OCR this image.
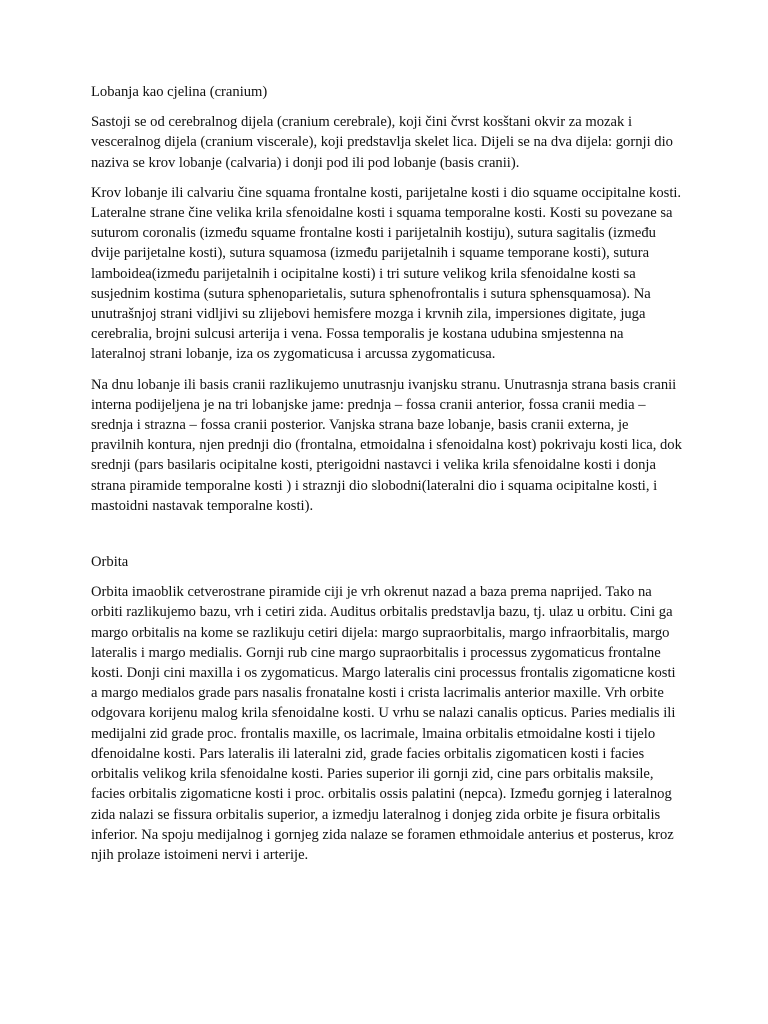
Lobanja kao cjelina (cranium)

Sastoji se od cerebralnog dijela (cranium cerebrale), koji čini čvrst kosštani okvir za mozak i vesceralnog dijela (cranium viscerale), koji predstavlja skelet lica. Dijeli se na dva dijela: gornji dio naziva se krov lobanje (calvaria) i donji pod ili pod lobanje (basis cranii).

Krov lobanje ili calvariu čine squama frontalne kosti, parijetalne kosti i dio squame occipitalne kosti. Lateralne strane čine velika krila sfenoidalne kosti i squama temporalne kosti. Kosti su povezane sa suturom coronalis (između squame frontalne kosti i parijetalnih kostiju), sutura sagitalis (između dvije parijetalne kosti), sutura squamosa (između parijetalnih i squame temporane kosti), sutura lamboidea(između parijetalnih i ocipitalne kosti) i tri suture velikog krila sfenoidalne kosti sa susjednim kostima (sutura sphenoparietalis, sutura sphenofrontalis i sutura sphensquamosa). Na unutrašnjoj strani vidljivi su zlijebovi hemisfere mozga i krvnih zila, impersiones digitate, juga cerebralia, brojni sulcusi arterija i vena. Fossa temporalis je kostana udubina smjestenna na lateralnoj strani lobanje, iza os zygomaticusa i arcussa zygomaticusa.

Na dnu lobanje ili basis cranii razlikujemo unutrasnju ivanjsku stranu. Unutrasnja strana basis cranii interna podijeljena je na tri lobanjske jame: prednja – fossa cranii anterior, fossa cranii media – srednja i strazna – fossa cranii posterior. Vanjska strana baze lobanje, basis cranii externa, je pravilnih kontura, njen prednji dio (frontalna, etmoidalna i sfenoidalna kost) pokrivaju kosti lica, dok srednji (pars basilaris ocipitalne kosti, pterigoidni nastavci i velika krila sfenoidalne kosti i donja strana piramide temporalne kosti ) i straznji dio slobodni(lateralni dio i squama ocipitalne kosti, i mastoidni nastavak temporalne kosti).

Orbita

Orbita imaoblik cetverostrane piramide ciji je vrh okrenut nazad a baza prema naprijed. Tako na orbiti razlikujemo bazu, vrh i cetiri zida. Auditus orbitalis predstavlja bazu, tj. ulaz u orbitu. Cini ga margo orbitalis na kome se razlikuju cetiri dijela: margo supraorbitalis, margo infraorbitalis, margo lateralis i margo medialis. Gornji rub cine margo supraorbitalis i processus zygomaticus frontalne kosti. Donji cini maxilla i os zygomaticus. Margo lateralis cini processus frontalis zigomaticne kosti a margo medialos grade pars nasalis fronatalne kosti i crista lacrimalis anterior maxille. Vrh orbite odgovara korijenu malog krila sfenoidalne kosti. U vrhu se nalazi canalis opticus. Paries medialis ili medijalni zid grade proc. frontalis maxille, os lacrimale, lmaina orbitalis etmoidalne kosti i tijelo dfenoidalne kosti. Pars lateralis ili lateralni zid, grade facies orbitalis zigomaticen kosti i facies orbitalis velikog krila sfenoidalne kosti. Paries superior ili gornji zid, cine pars orbitalis maksile, facies orbitalis zigomaticne kosti i proc. orbitalis ossis palatini (nepca). Između gornjeg i lateralnog zida nalazi se fissura orbitalis superior, a izmedju lateralnog i donjeg zida orbite je fisura orbitalis inferior. Na spoju medijalnog i gornjeg zida nalaze se foramen ethmoidale anterius et posterus, kroz njih prolaze istoimeni nervi i arterije.
